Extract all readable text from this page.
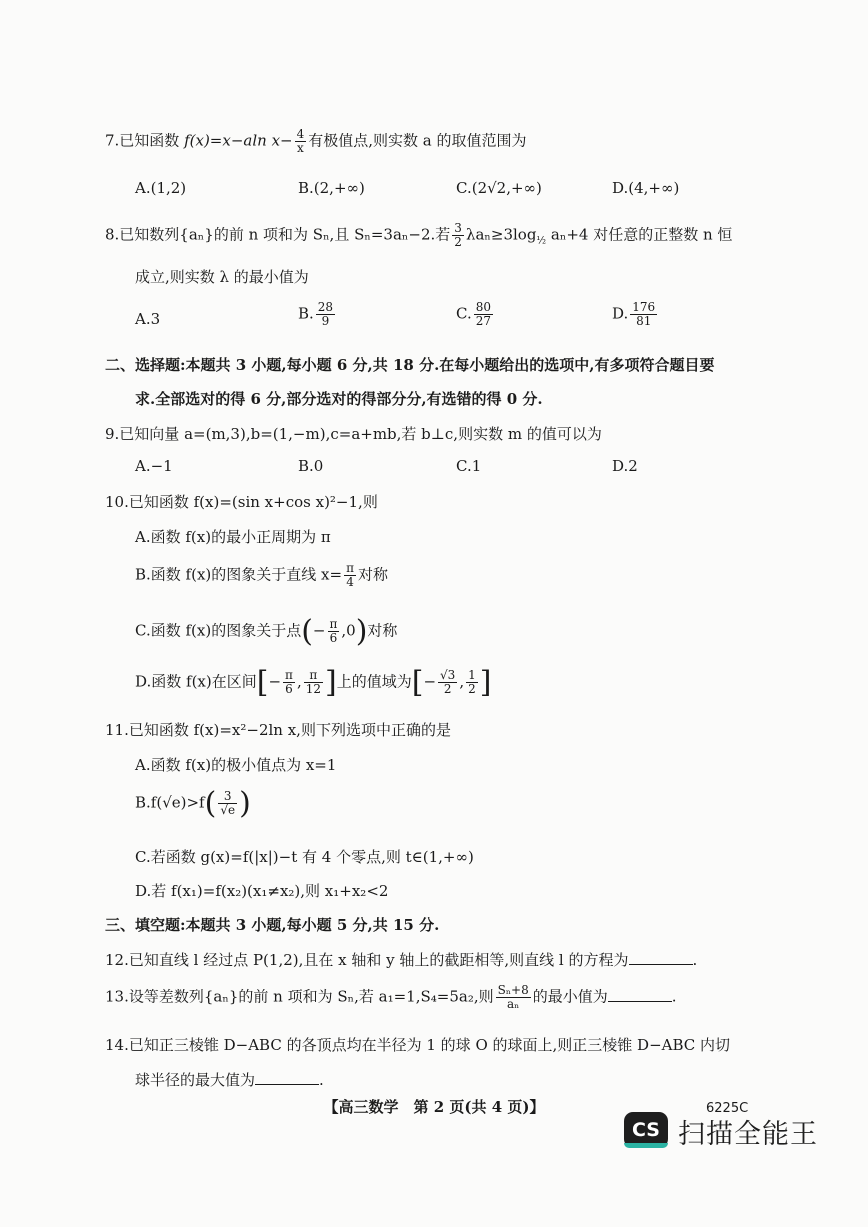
7.已知函数 f(x)=x−aln $x- \frac{4}{x}$ 有极值点,则实数 a 的取值范围为
A.(1,2)	B.(2,+∞)	C.(2√2,+∞)	D.(4,+∞)
8.已知数列{aₙ}的前 n 项和为 Sₙ,且 Sₙ=3aₙ−2.若 $\frac{3}{2} \lambda a_n\ge 3\log_{\frac{1}{2}}$ aₙ+4 对任意的正整数 n 恒
成立,则实数 λ 的最小值为
A.3	B. $\frac{28}{9}$	C. $\frac{80}{27}$	D. $\frac{176}{81}$
二、选择题:本题共 3 小题,每小题 6 分,共 18 分.在每小题给出的选项中,有多项符合题目要
求.全部选对的得 6 分,部分选对的得部分分,有选错的得 0 分.
9.已知向量 a=(m,3),b=(1,−m),c=a+mb,若 b⊥c,则实数 m 的值可以为
A.−1	B.0	C.1	D.2
10.已知函数 f(x)=(sin x+cos x)²−1,则
A.函数 f(x)的最小正周期为 π
B.函数 f(x)的图象关于直线 $x= \frac{\pi}{4}$ 对称
C.函数 f(x)的图象关于点(− $\frac{\pi}{6} ,0$)对称
D.函数 f(x)在区间[− $\frac{\pi}{6}$ , $\frac{\pi}{12}$ ]上的值域为[− $\frac{√3}{2}$ , $\frac{1}{2}$ ]
11.已知函数 f(x)=x²−2ln x,则下列选项中正确的是
A.函数 f(x)的极小值点为 x=1
$B.f(√e)>f( \frac{3}{√e}$ )
C.若函数 g(x)=f(|x|)−t 有 4 个零点,则 t∈(1,+∞)
D.若 f(x₁)=f(x₂)(x₁≠x₂),则 x₁+x₂<2
三、填空题:本题共 3 小题,每小题 5 分,共 15 分.
12.已知直线 l 经过点 P(1,2),且在 x 轴和 y 轴上的截距相等,则直线 l 的方程为	.
13.设等差数列{aₙ}的前 n 项和为 Sₙ,若 a₁=1,S₄=5a₂,则 $\frac{\text{Sₙ+8}}{\text{aₙ}}$ 的最小值为	.
14.已知正三棱锥 D−ABC 的各顶点均在半径为 1 的球 O 的球面上,则正三棱锥 D−ABC 内切
球半径的最大值为	.
【高三数学　第 2 页(共 4 页)】	6225C
CS 扫描全能王
